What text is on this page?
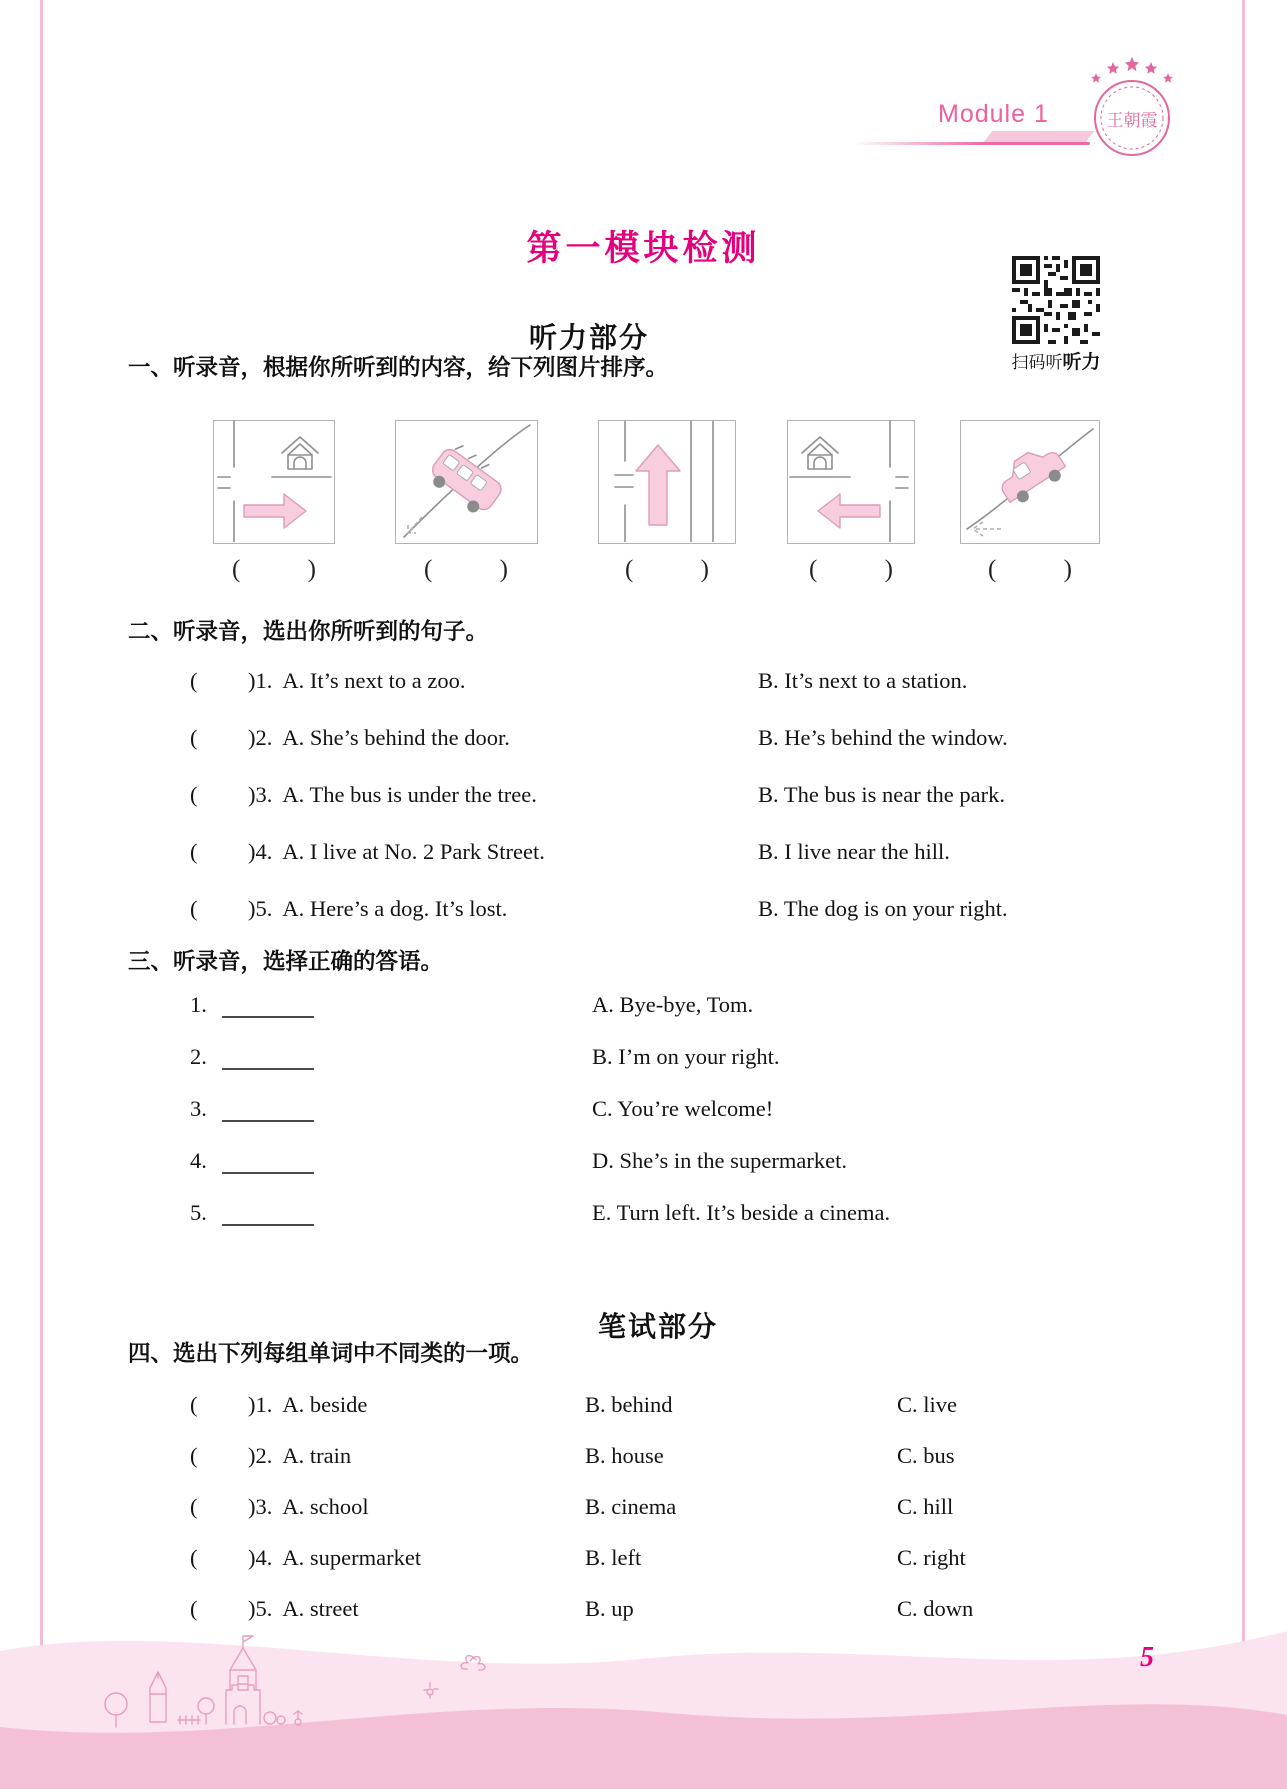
Module 1	王朝霞
第一模块检测
扫码听听力
听力部分
一、听录音，根据你所听到的内容，给下列图片排序。
(	)	(	)	(	)	(	)	(	)
二、听录音，选出你所听到的句子。
( )1. A. It’s next to a zoo.	B. It’s next to a station.
( )2. A. She’s behind the door.	B. He’s behind the window.
( )3. A. The bus is under the tree.	B. The bus is near the park.
( )4. A. I live at No. 2 Park Street.	B. I live near the hill.
( )5. A. Here’s a dog. It’s lost.	B. The dog is on your right.
三、听录音，选择正确的答语。
1.	A. Bye-bye, Tom.
2.	B. I’m on your right.
3.	C. You’re welcome!
4.	D. She’s in the supermarket.
5.	E. Turn left. It’s beside a cinema.
笔试部分
四、选出下列每组单词中不同类的一项。
( )1. A. beside	B. behind	C. live
( )2. A. train	B. house	C. bus
( )3. A. school	B. cinema	C. hill
( )4. A. supermarket	B. left	C. right
( )5. A. street	B. up	C. down
5
